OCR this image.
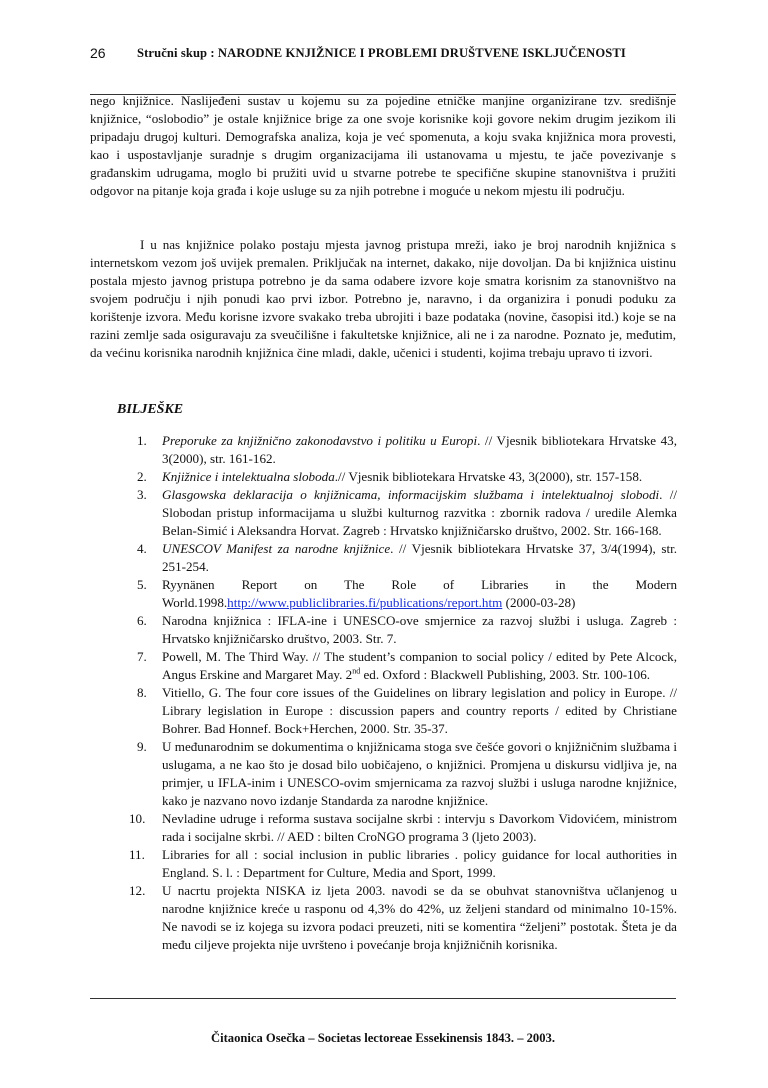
26 Stručni skup : NARODNE KNJIŽNICE I PROBLEMI DRUŠTVENE ISKLJUČENOSTI
nego knjižnice. Naslijeđeni sustav u kojemu su za pojedine etničke manjine organizirane tzv. središnje knjižnice, “oslobodio” je ostale knjižnice brige za one svoje korisnike koji govore nekim drugim jezikom ili pripadaju drugoj kulturi. Demografska analiza, koja je već spomenuta, a koju svaka knjižnica mora provesti, kao i uspostavljanje suradnje s drugim organizacijama ili ustanovama u mjestu, te jače povezivanje s građanskim udrugama, moglo bi pružiti uvid u stvarne potrebe te specifične skupine stanovništva i pružiti odgovor na pitanje koja građa i koje usluge su za njih potrebne i moguće u nekom mjestu ili području.
I u nas knjižnice polako postaju mjesta javnog pristupa mreži, iako je broj narodnih knjižnica s internetskom vezom još uvijek premalen. Priključak na internet, dakako, nije dovoljan. Da bi knjižnica uistinu postala mjesto javnog pristupa potrebno je da sama odabere izvore koje smatra korisnim za stanovništvo na svojem području i njih ponudi kao prvi izbor. Potrebno je, naravno, i da organizira i ponudi poduku za korištenje izvora. Među korisne izvore svakako treba ubrojiti i baze podataka (novine, časopisi itd.) koje se na razini zemlje sada osiguravaju za sveučilišne i fakultetske knjižnice, ali ne i za narodne. Poznato je, međutim, da većinu korisnika narodnih knjižnica čine mladi, dakle, učenici i studenti, kojima trebaju upravo ti izvori.
BILJEŠKE
1. Preporuke za knjižnično zakonodavstvo i politiku u Europi. // Vjesnik bibliotekara Hrvatske 43, 3(2000), str. 161-162.
2. Knjižnice i intelektualna sloboda.// Vjesnik bibliotekara Hrvatske 43, 3(2000), str. 157-158.
3. Glasgowska deklaracija o knjižnicama, informacijskim službama i intelektualnoj slobodi. // Slobodan pristup informacijama u službi kulturnog razvitka : zbornik radova / uredile Alemka Belan-Simić i Aleksandra Horvat. Zagreb : Hrvatsko knjižničarsko društvo, 2002. Str. 166-168.
4. UNESCOV Manifest za narodne knjižnice. // Vjesnik bibliotekara Hrvatske 37, 3/4(1994), str. 251-254.
5. Ryynänen Report on The Role of Libraries in the Modern World.1998.http://www.publiclibraries.fi/publications/report.htm (2000-03-28)
6. Narodna knjižnica : IFLA-ine i UNESCO-ove smjernice za razvoj službi i usluga. Zagreb : Hrvatsko knjižničarsko društvo, 2003. Str. 7.
7. Powell, M. The Third Way. // The student’s companion to social policy / edited by Pete Alcock, Angus Erskine and Margaret May. 2nd ed. Oxford : Blackwell Publishing, 2003. Str. 100-106.
8. Vitiello, G. The four core issues of the Guidelines on library legislation and policy in Europe. // Library legislation in Europe : discussion papers and country reports / edited by Christiane Bohrer. Bad Honnef. Bock+Herchen, 2000. Str. 35-37.
9. U međunarodnim se dokumentima o knjižnicama stoga sve češće govori o knjižničnim službama i uslugama, a ne kao što je dosad bilo uobičajeno, o knjižnici. Promjena u diskursu vidljiva je, na primjer, u IFLA-inim i UNESCO-ovim smjernicama za razvoj službi i usluga narodne knjižnice, kako je nazvano novo izdanje Standarda za narodne knjižnice.
10. Nevladine udruge i reforma sustava socijalne skrbi : intervju s Davorkom Vidovićem, ministrom rada i socijalne skrbi. // AED : bilten CroNGO programa 3 (ljeto 2003).
11. Libraries for all : social inclusion in public libraries . policy guidance for local authorities in England. S. l. : Department for Culture, Media and Sport, 1999.
12. U nacrtu projekta NISKA iz ljeta 2003. navodi se da se obuhvat stanovništva učlanjenog u narodne knjižnice kreće u rasponu od 4,3% do 42%, uz željeni standard od minimalno 10-15%. Ne navodi se iz kojega su izvora podaci preuzeti, niti se komentira “željeni” postotak. Šteta je da među ciljeve projekta nije uvršteno i povećanje broja knjižničnih korisnika.
Čitaonica Osečka – Societas lectoreae Essekinensis 1843. – 2003.
